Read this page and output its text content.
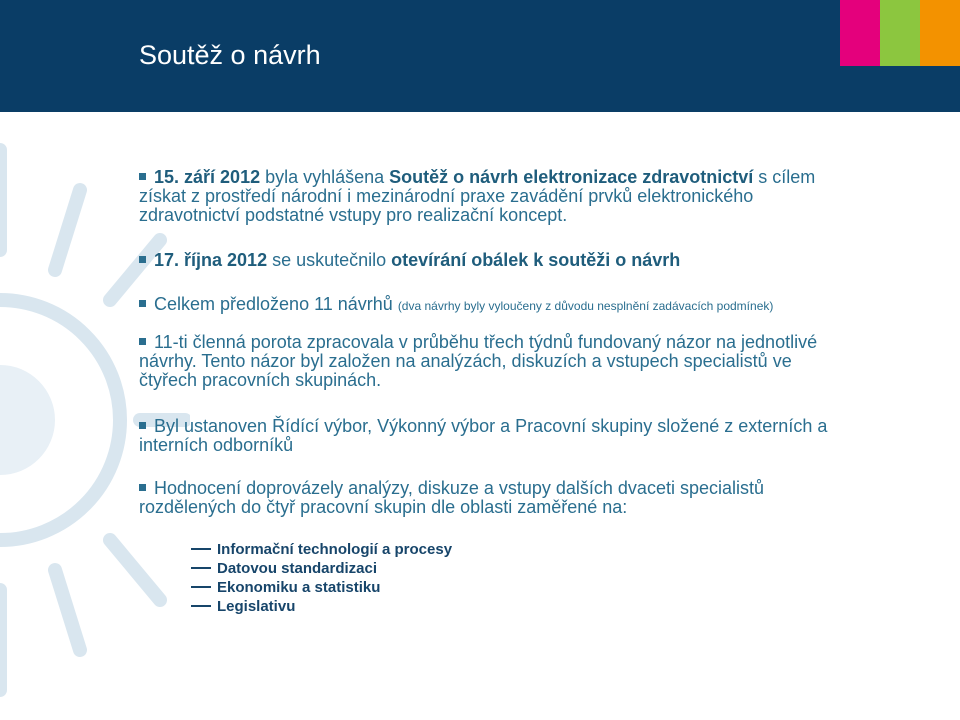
Soutěž o návrh
15. září 2012 byla vyhlášena Soutěž o návrh elektronizace zdravotnictví s cílem získat z prostředí národní i mezinárodní praxe zavádění prvků elektronického zdravotnictví podstatné vstupy pro realizační koncept.
17. října 2012 se uskutečnilo otevírání obálek k soutěži o návrh
Celkem předloženo 11 návrhů (dva návrhy byly vyloučeny z důvodu nesplnění zadávacích podmínek)
11-ti členná porota zpracovala v průběhu třech týdnů fundovaný názor na jednotlivé návrhy. Tento názor byl založen na analýzách, diskuzích a vstupech specialistů ve čtyřech pracovních skupinách.
Byl ustanoven Řídící výbor, Výkonný výbor a Pracovní skupiny složené z externích a interních odborníků
Hodnocení doprovázely analýzy, diskuze a vstupy dalších dvaceti specialistů rozdělených do čtyř pracovní skupin dle oblasti zaměřené na:
Informační technologií a procesy
Datovou standardizaci
Ekonomiku a statistiku
Legislativu
